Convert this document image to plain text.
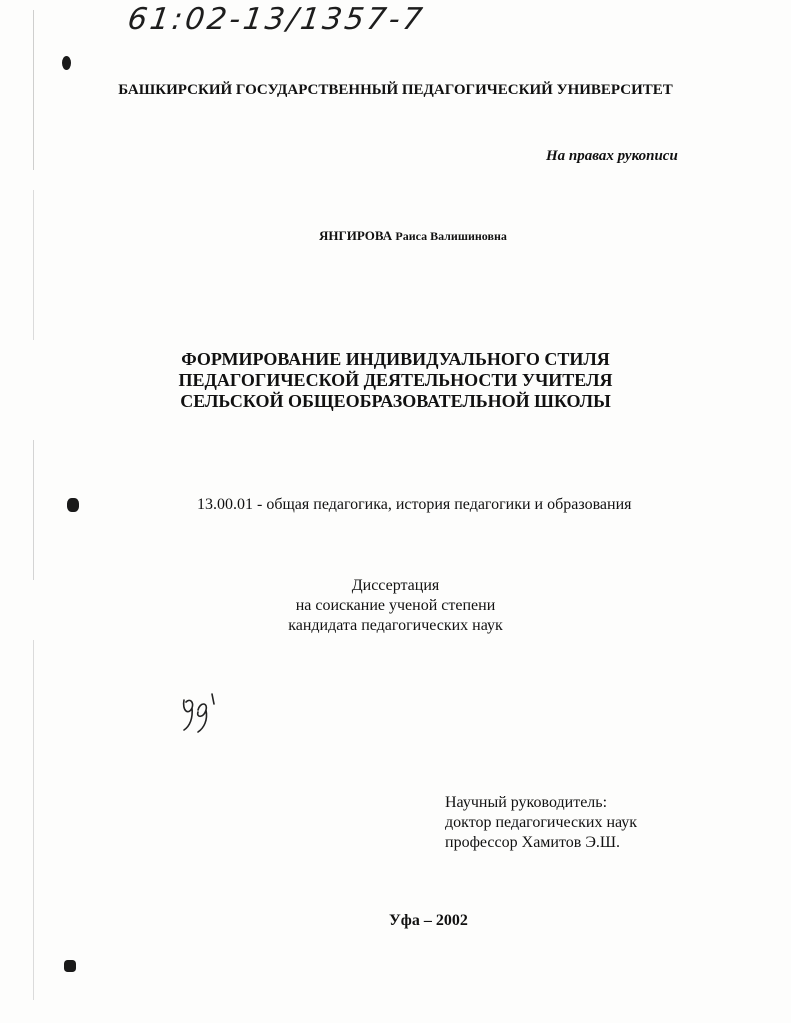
61:02-13/1357-7
БАШКИРСКИЙ ГОСУДАРСТВЕННЫЙ ПЕДАГОГИЧЕСКИЙ УНИВЕРСИТЕТ
На правах рукописи
ЯНГИРОВА Раиса Валишиновна
ФОРМИРОВАНИЕ ИНДИВИДУАЛЬНОГО СТИЛЯ
ПЕДАГОГИЧЕСКОЙ ДЕЯТЕЛЬНОСТИ УЧИТЕЛЯ
СЕЛЬСКОЙ ОБЩЕОБРАЗОВАТЕЛЬНОЙ ШКОЛЫ
13.00.01 - общая педагогика, история педагогики и образования
Диссертация
на соискание ученой степени
кандидата педагогических наук
Научный руководитель:
доктор педагогических наук
профессор Хамитов Э.Ш.
Уфа – 2002
